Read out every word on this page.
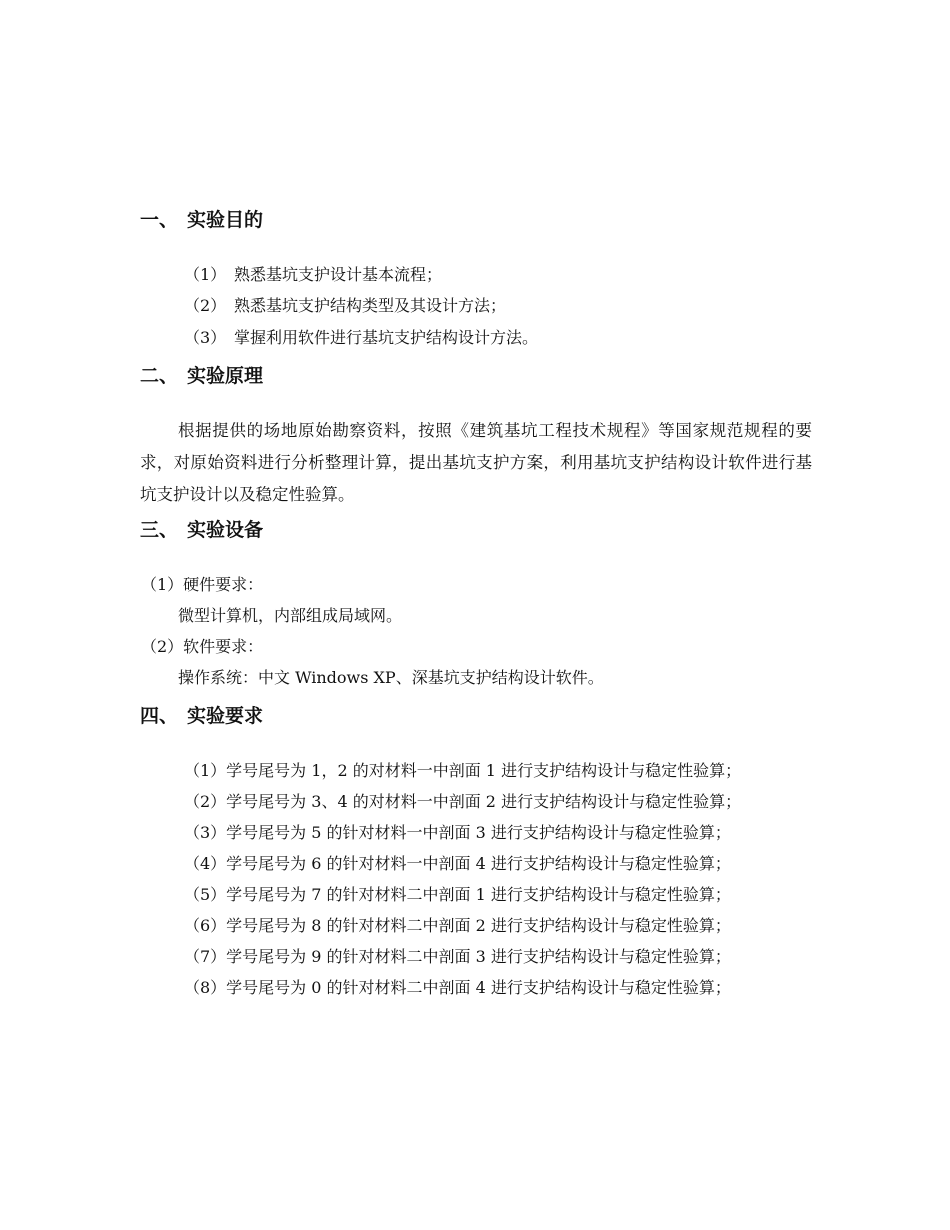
一、 实验目的
（1） 熟悉基坑支护设计基本流程；
（2） 熟悉基坑支护结构类型及其设计方法；
（3） 掌握利用软件进行基坑支护结构设计方法。
二、 实验原理
根据提供的场地原始勘察资料，按照《建筑基坑工程技术规程》等国家规范规程的要求，对原始资料进行分析整理计算，提出基坑支护方案，利用基坑支护结构设计软件进行基坑支护设计以及稳定性验算。
三、 实验设备
（1）硬件要求：
微型计算机，内部组成局域网。
（2）软件要求：
操作系统：中文 Windows XP、深基坑支护结构设计软件。
四、 实验要求
（1）学号尾号为 1，2 的对材料一中剖面 1 进行支护结构设计与稳定性验算；
（2）学号尾号为 3、4 的对材料一中剖面 2 进行支护结构设计与稳定性验算；
（3）学号尾号为 5 的针对材料一中剖面 3 进行支护结构设计与稳定性验算；
（4）学号尾号为 6 的针对材料一中剖面 4 进行支护结构设计与稳定性验算；
（5）学号尾号为 7 的针对材料二中剖面 1 进行支护结构设计与稳定性验算；
（6）学号尾号为 8 的针对材料二中剖面 2 进行支护结构设计与稳定性验算；
（7）学号尾号为 9 的针对材料二中剖面 3 进行支护结构设计与稳定性验算；
（8）学号尾号为 0 的针对材料二中剖面 4 进行支护结构设计与稳定性验算；
